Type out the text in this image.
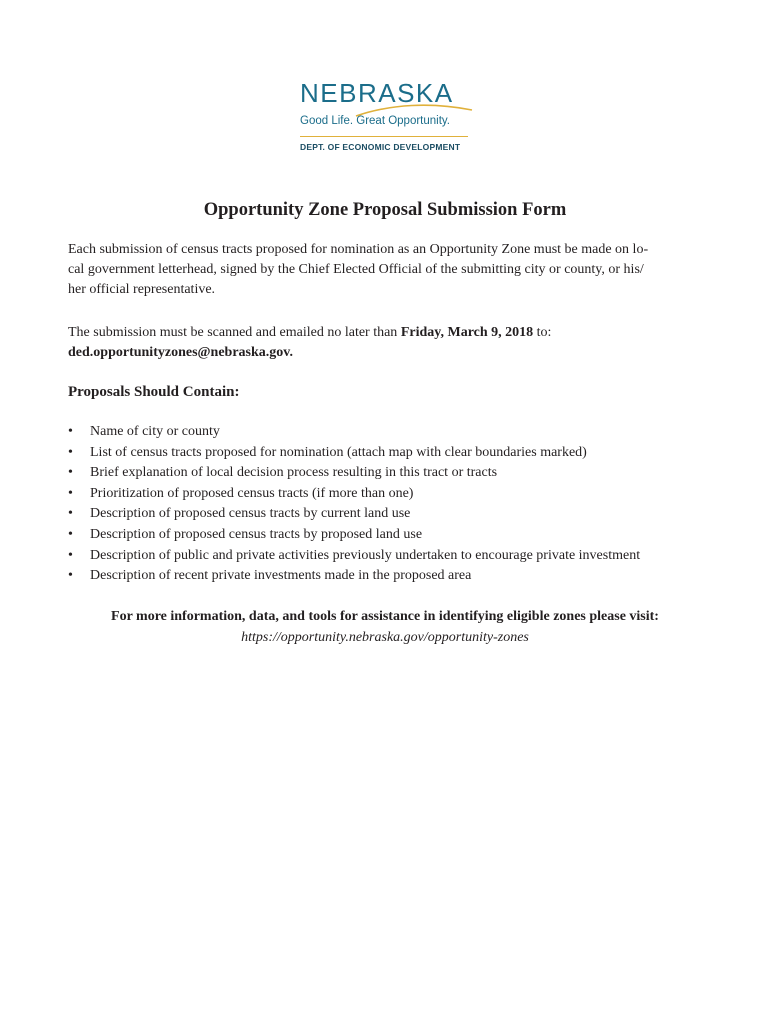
NEBRASKA
Good Life. Great Opportunity.
DEPT. OF ECONOMIC DEVELOPMENT
Opportunity Zone Proposal Submission Form
Each submission of census tracts proposed for nomination as an Opportunity Zone must be made on lo-
cal government letterhead, signed by the Chief Elected Official of the submitting city or county, or his/
her official representative.
The submission must be scanned and emailed no later than Friday, March 9, 2018 to:
ded.opportunityzones@nebraska.gov.
Proposals Should Contain:
• Name of city or county
• List of census tracts proposed for nomination (attach map with clear boundaries marked)
• Brief explanation of local decision process resulting in this tract or tracts
• Prioritization of proposed census tracts (if more than one)
• Description of proposed census tracts by current land use
• Description of proposed census tracts by proposed land use
• Description of public and private activities previously undertaken to encourage private investment
• Description of recent private investments made in the proposed area
For more information, data, and tools for assistance in identifying eligible zones please visit:
https://opportunity.nebraska.gov/opportunity-zones
